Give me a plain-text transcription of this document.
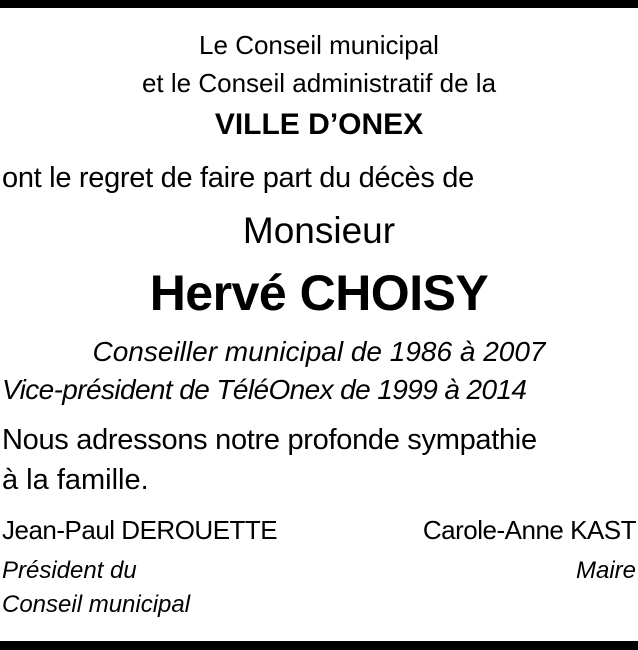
Le Conseil municipal
et le Conseil administratif de la
VILLE D’ONEX
ont le regret de faire part du décès de
Monsieur
Hervé CHOISY
Conseiller municipal de 1986 à 2007
Vice-président de TéléOnex de 1999 à 2014
Nous adressons notre profonde sympathie
à la famille.
Jean-Paul DEROUETTE	Carole-Anne KAST
Président du	Maire
Conseil municipal
